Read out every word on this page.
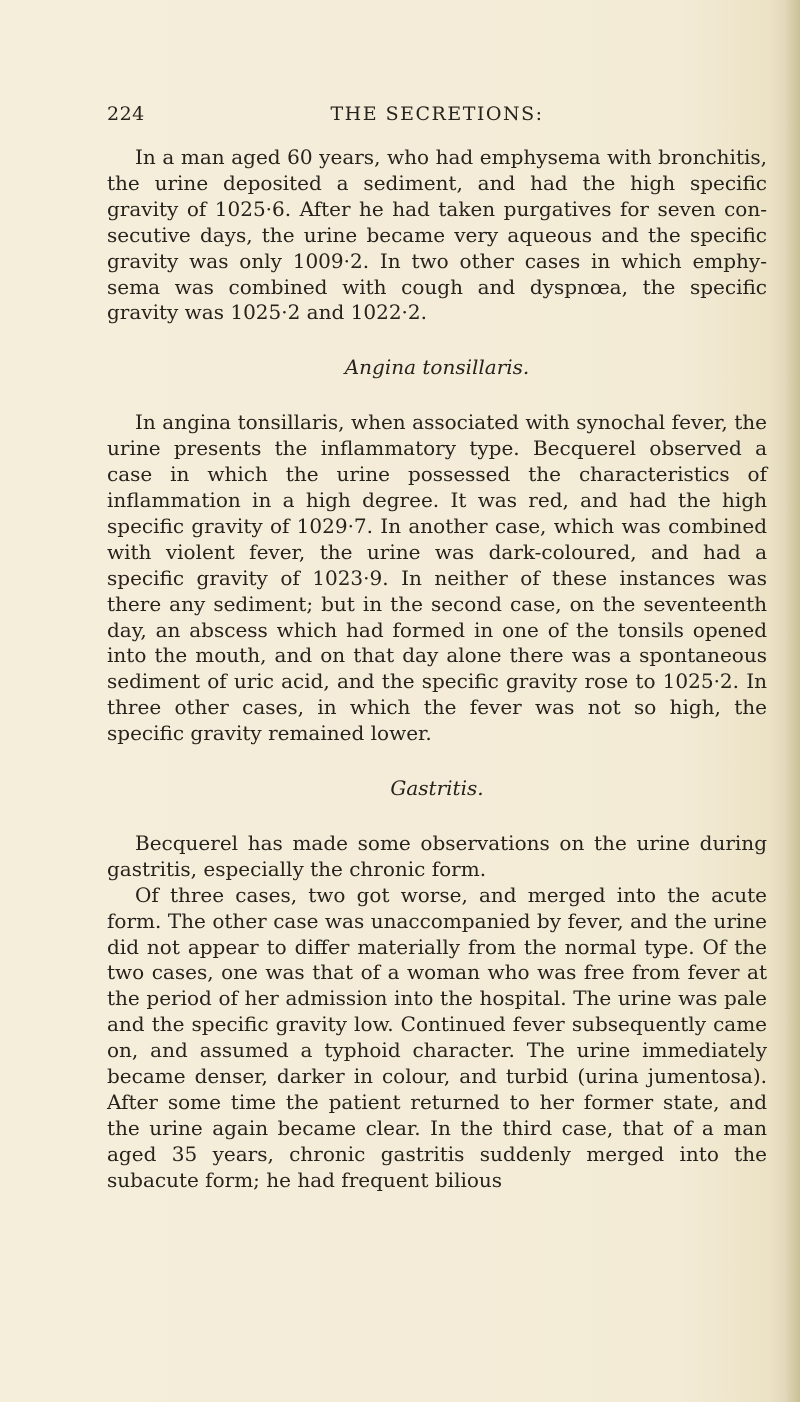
224	THE SECRETIONS:

In a man aged 60 years, who had emphysema with bronchitis, the urine deposited a sediment, and had the high specific gravity of 1025·6. After he had taken purgatives for seven consecutive days, the urine became very aqueous and the specific gravity was only 1009·2. In two other cases in which emphysema was combined with cough and dyspnœa, the specific gravity was 1025·2 and 1022·2.

Angina tonsillaris.

In angina tonsillaris, when associated with synochal fever, the urine presents the inflammatory type. Becquerel observed a case in which the urine possessed the characteristics of inflammation in a high degree. It was red, and had the high specific gravity of 1029·7. In another case, which was combined with violent fever, the urine was dark-coloured, and had a specific gravity of 1023·9. In neither of these instances was there any sediment; but in the second case, on the seventeenth day, an abscess which had formed in one of the tonsils opened into the mouth, and on that day alone there was a spontaneous sediment of uric acid, and the specific gravity rose to 1025·2. In three other cases, in which the fever was not so high, the specific gravity remained lower.

Gastritis.

Becquerel has made some observations on the urine during gastritis, especially the chronic form.

Of three cases, two got worse, and merged into the acute form. The other case was unaccompanied by fever, and the urine did not appear to differ materially from the normal type. Of the two cases, one was that of a woman who was free from fever at the period of her admission into the hospital. The urine was pale and the specific gravity low. Continued fever subsequently came on, and assumed a typhoid character. The urine immediately became denser, darker in colour, and turbid (urina jumentosa). After some time the patient returned to her former state, and the urine again became clear. In the third case, that of a man aged 35 years, chronic gastritis suddenly merged into the subacute form; he had frequent bilious
